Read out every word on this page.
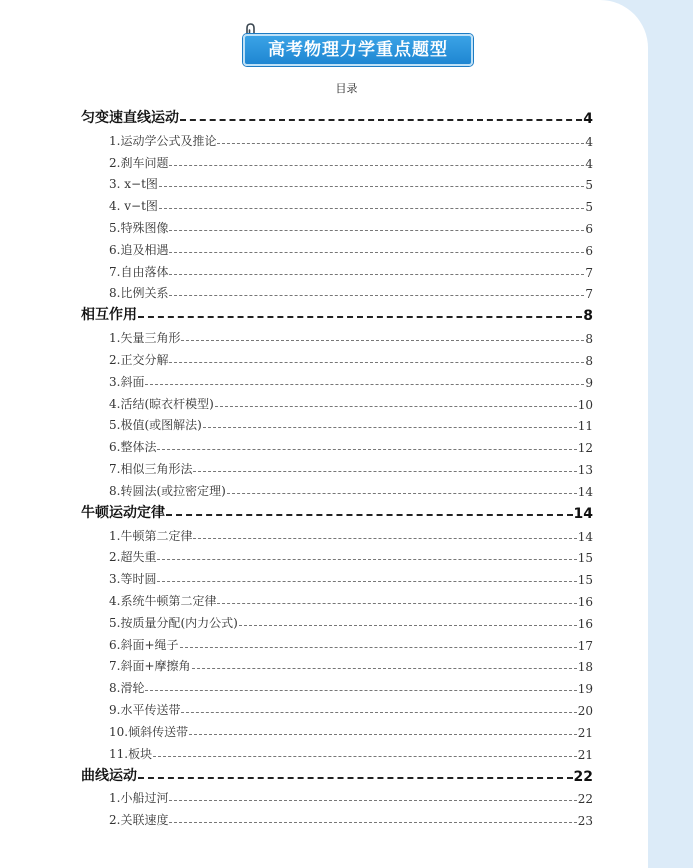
高考物理力学重点题型
目录
匀变速直线运动	4
1.运动学公式及推论	4
2.刹车问题	4
3. x−t图	5
4. v−t图	5
5.特殊图像	6
6.追及相遇	6
7.自由落体	7
8.比例关系	7
相互作用	8
1.矢量三角形	8
2.正交分解	8
3.斜面	9
4.活结(晾衣杆模型)	10
5.极值(或图解法)	11
6.整体法	12
7.相似三角形法	13
8.转圆法(或拉密定理)	14
牛顿运动定律	14
1.牛顿第二定律	14
2.超失重	15
3.等时圆	15
4.系统牛顿第二定律	16
5.按质量分配(内力公式)	16
6.斜面+绳子	17
7.斜面+摩擦角	18
8.滑轮	19
9.水平传送带	20
10.倾斜传送带	21
11.板块	21
曲线运动	22
1.小船过河	22
2.关联速度	23
